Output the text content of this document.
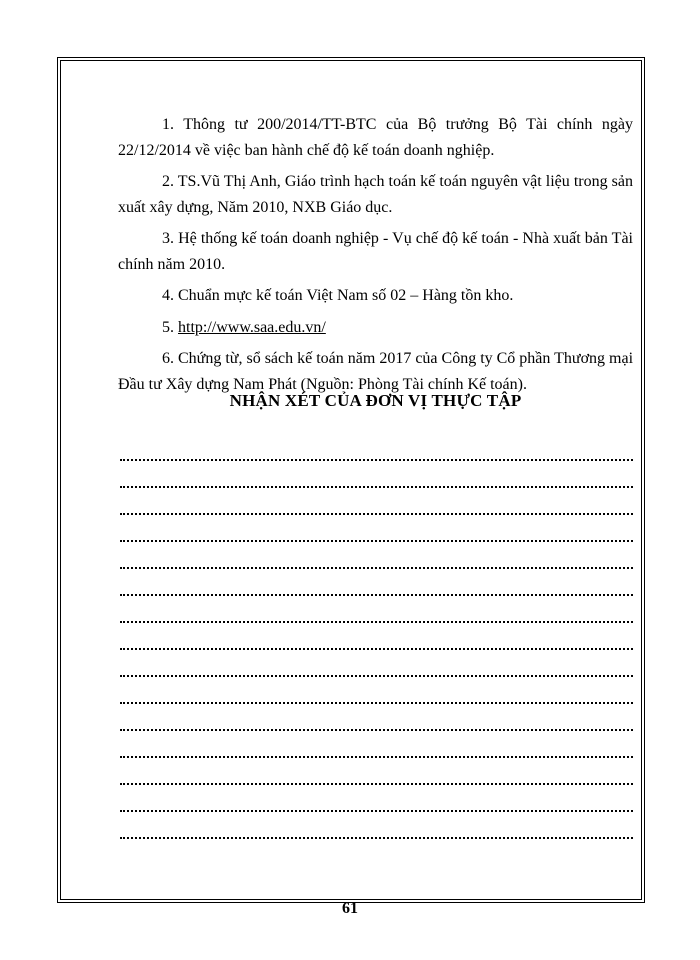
1. Thông tư 200/2014/TT-BTC của Bộ trưởng Bộ Tài chính ngày 22/12/2014 về việc ban hành chế độ kế toán doanh nghiệp.

2. TS.Vũ Thị Anh, Giáo trình hạch toán kế toán nguyên vật liệu trong sản xuất xây dựng, Năm 2010, NXB Giáo dục.

3. Hệ thống kế toán doanh nghiệp - Vụ chế độ kế toán - Nhà xuất bản Tài chính năm 2010.

4. Chuẩn mực kế toán Việt Nam số 02 – Hàng tồn kho.

5. http://www.saa.edu.vn/

6. Chứng từ, sổ sách kế toán năm 2017 của Công ty Cổ phần Thương mại Đầu tư Xây dựng Nam Phát (Nguồn: Phòng Tài chính Kế toán).

NHẬN XÉT CỦA ĐƠN VỊ THỰC TẬP
61
